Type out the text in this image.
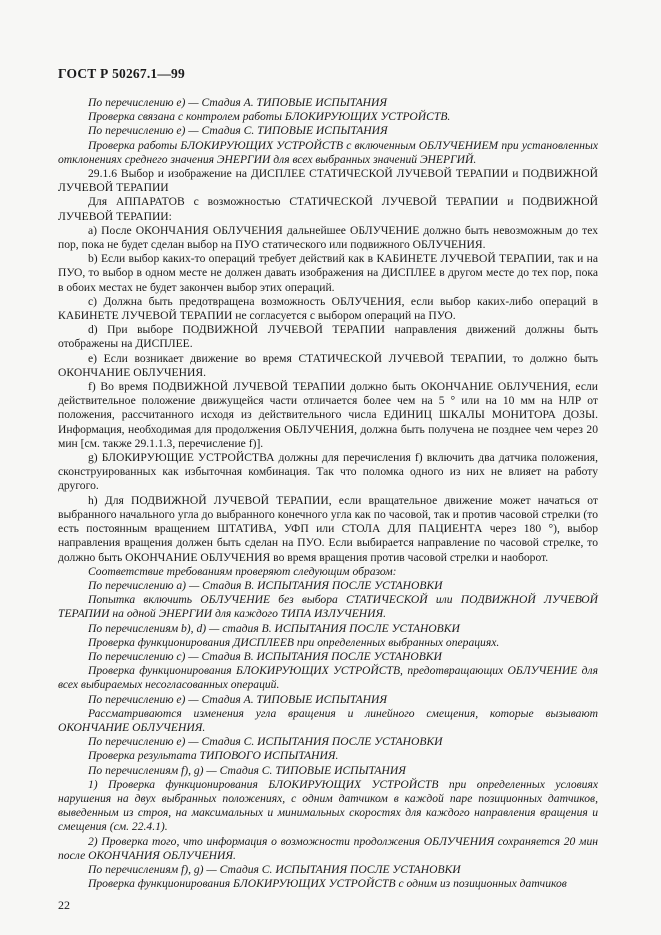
ГОСТ Р 50267.1—99

По перечислению е) — Стадия А. ТИПОВЫЕ ИСПЫТАНИЯ

Проверка связана с контролем работы БЛОКИРУЮЩИХ УСТРОЙСТВ.

По перечислению е) — Стадия С. ТИПОВЫЕ ИСПЫТАНИЯ

Проверка работы БЛОКИРУЮЩИХ УСТРОЙСТВ с включенным ОБЛУЧЕНИЕМ при установленных отклонениях среднего значения ЭНЕРГИИ для всех выбранных значений ЭНЕРГИЙ.

29.1.6 Выбор и изображение на ДИСПЛЕЕ СТАТИЧЕСКОЙ ЛУЧЕВОЙ ТЕРАПИИ и ПОДВИЖНОЙ ЛУЧЕВОЙ ТЕРАПИИ

Для АППАРАТОВ с возможностью СТАТИЧЕСКОЙ ЛУЧЕВОЙ ТЕРАПИИ и ПОДВИЖНОЙ ЛУЧЕВОЙ ТЕРАПИИ:

a) После ОКОНЧАНИЯ ОБЛУЧЕНИЯ дальнейшее ОБЛУЧЕНИЕ должно быть невозможным до тех пор, пока не будет сделан выбор на ПУО статического или подвижного ОБЛУЧЕНИЯ.

b) Если выбор каких-то операций требует действий как в КАБИНЕТЕ ЛУЧЕВОЙ ТЕРАПИИ, так и на ПУО, то выбор в одном месте не должен давать изображения на ДИСПЛЕЕ в другом месте до тех пор, пока в обоих местах не будет закончен выбор этих операций.

c) Должна быть предотвращена возможность ОБЛУЧЕНИЯ, если выбор каких-либо операций в КАБИНЕТЕ ЛУЧЕВОЙ ТЕРАПИИ не согласуется с выбором операций на ПУО.

d) При выборе ПОДВИЖНОЙ ЛУЧЕВОЙ ТЕРАПИИ направления движений должны быть отображены на ДИСПЛЕЕ.

e) Если возникает движение во время СТАТИЧЕСКОЙ ЛУЧЕВОЙ ТЕРАПИИ, то должно быть ОКОНЧАНИЕ ОБЛУЧЕНИЯ.

f) Во время ПОДВИЖНОЙ ЛУЧЕВОЙ ТЕРАПИИ должно быть ОКОНЧАНИЕ ОБЛУЧЕНИЯ, если действительное положение движущейся части отличается более чем на 5 ° или на 10 мм на НЛР от положения, рассчитанного исходя из действительного числа ЕДИНИЦ ШКАЛЫ МОНИТОРА ДОЗЫ. Информация, необходимая для продолжения ОБЛУЧЕНИЯ, должна быть получена не позднее чем через 20 мин [см. также 29.1.1.3, перечисление f)].

g) БЛОКИРУЮЩИЕ УСТРОЙСТВА должны для перечисления f) включить два датчика положения, сконструированных как избыточная комбинация. Так что поломка одного из них не влияет на работу другого.

h) Для ПОДВИЖНОЙ ЛУЧЕВОЙ ТЕРАПИИ, если вращательное движение может начаться от выбранного начального угла до выбранного конечного угла как по часовой, так и против часовой стрелки (то есть постоянным вращением ШТАТИВА, УФП или СТОЛА ДЛЯ ПАЦИЕНТА через 180 °), выбор направления вращения должен быть сделан на ПУО. Если выбирается направление по часовой стрелке, то должно быть ОКОНЧАНИЕ ОБЛУЧЕНИЯ во время вращения против часовой стрелки и наоборот.

Соответствие требованиям проверяют следующим образом:

По перечислению a) — Стадия В. ИСПЫТАНИЯ ПОСЛЕ УСТАНОВКИ

Попытка включить ОБЛУЧЕНИЕ без выбора СТАТИЧЕСКОЙ или ПОДВИЖНОЙ ЛУЧЕВОЙ ТЕРАПИИ на одной ЭНЕРГИИ для каждого ТИПА ИЗЛУЧЕНИЯ.

По перечислениям b), d) — стадия В. ИСПЫТАНИЯ ПОСЛЕ УСТАНОВКИ

Проверка функционирования ДИСПЛЕЕВ при определенных выбранных операциях.

По перечислению с) — Стадия В. ИСПЫТАНИЯ ПОСЛЕ УСТАНОВКИ

Проверка функционирования БЛОКИРУЮЩИХ УСТРОЙСТВ, предотвращающих ОБЛУЧЕНИЕ для всех выбираемых несогласованных операций.

По перечислению е) — Стадия А. ТИПОВЫЕ ИСПЫТАНИЯ

Рассматриваются изменения угла вращения и линейного смещения, которые вызывают ОКОНЧАНИЕ ОБЛУЧЕНИЯ.

По перечислению е) — Стадия С. ИСПЫТАНИЯ ПОСЛЕ УСТАНОВКИ

Проверка результата ТИПОВОГО ИСПЫТАНИЯ.

По перечислениям f), g) — Стадия С. ТИПОВЫЕ ИСПЫТАНИЯ

1) Проверка функционирования БЛОКИРУЮЩИХ УСТРОЙСТВ при определенных условиях нарушения на двух выбранных положениях, с одним датчиком в каждой паре позиционных датчиков, выведенным из строя, на максимальных и минимальных скоростях для каждого направления вращения и смещения (см. 22.4.1).

2) Проверка того, что информация о возможности продолжения ОБЛУЧЕНИЯ сохраняется 20 мин после ОКОНЧАНИЯ ОБЛУЧЕНИЯ.

По перечислениям f), g) — Стадия С. ИСПЫТАНИЯ ПОСЛЕ УСТАНОВКИ

Проверка функционирования БЛОКИРУЮЩИХ УСТРОЙСТВ с одним из позиционных датчиков

22
